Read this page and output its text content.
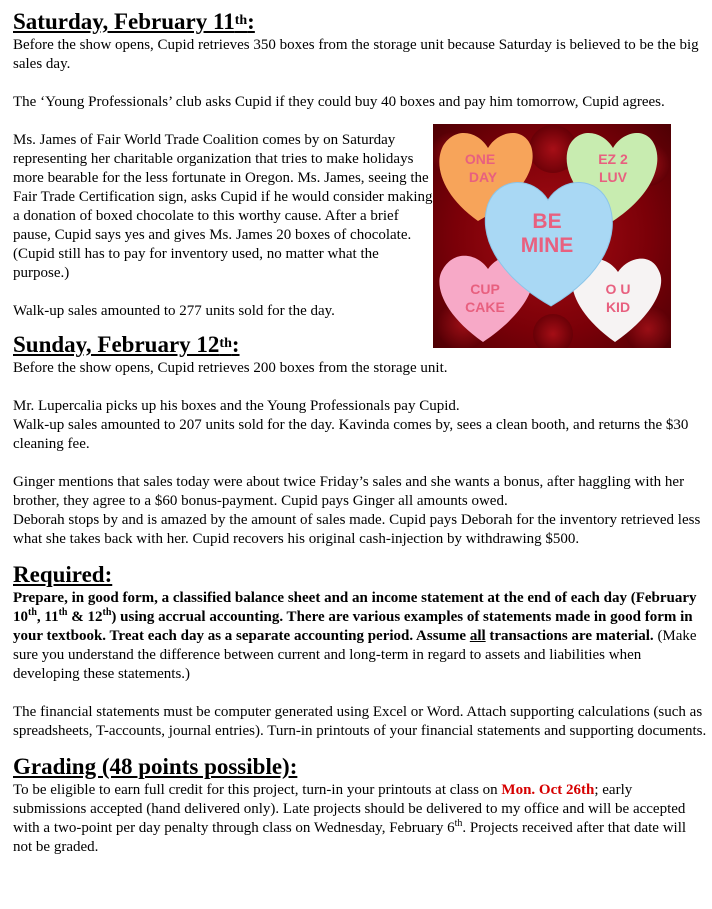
Saturday, February 11th:

Before the show opens, Cupid retrieves 350 boxes from the storage unit because Saturday is believed to be the big sales day.

The ‘Young Professionals’ club asks Cupid if they could buy 40 boxes and pay him tomorrow, Cupid agrees.

Ms. James of Fair World Trade Coalition comes by on Saturday representing her charitable organization that tries to make holidays more bearable for the less fortunate in Oregon. Ms. James, seeing the Fair Trade Certification sign, asks Cupid if he would consider making a donation of boxed chocolate to this worthy cause. After a brief pause, Cupid says yes and gives Ms. James 20 boxes of chocolate. (Cupid still has to pay for inventory used, no matter what the purpose.)

Walk-up sales amounted to 277 units sold for the day.

Sunday, February 12th:

Before the show opens, Cupid retrieves 200 boxes from the storage unit.

Mr. Lupercalia picks up his boxes and the Young Professionals pay Cupid.

Walk-up sales amounted to 207 units sold for the day. Kavinda comes by, sees a clean booth, and returns the $30 cleaning fee.

Ginger mentions that sales today were about twice Friday’s sales and she wants a bonus, after haggling with her brother, they agree to a $60 bonus-payment. Cupid pays Ginger all amounts owed.

Deborah stops by and is amazed by the amount of sales made. Cupid pays Deborah for the inventory retrieved less what she takes back with her. Cupid recovers his original cash-injection by withdrawing $500.

Required:

Prepare, in good form, a classified balance sheet and an income statement at the end of each day (February 10th, 11th & 12th) using accrual accounting. There are various examples of statements made in good form in your textbook. Treat each day as a separate accounting period. Assume all transactions are material. (Make sure you understand the difference between current and long-term in regard to assets and liabilities when developing these statements.)

The financial statements must be computer generated using Excel or Word. Attach supporting calculations (such as spreadsheets, T-accounts, journal entries). Turn-in printouts of your financial statements and supporting documents.

Grading (48 points possible):

To be eligible to earn full credit for this project, turn-in your printouts at class on Mon. Oct 26th; early submissions accepted (hand delivered only). Late projects should be delivered to my office and will be accepted with a two-point per day penalty through class on Wednesday, February 6th. Projects received after that date will not be graded.

ONE
DAY
EZ 2
LUV
BE
MINE
CUP
CAKE
O U
KID
